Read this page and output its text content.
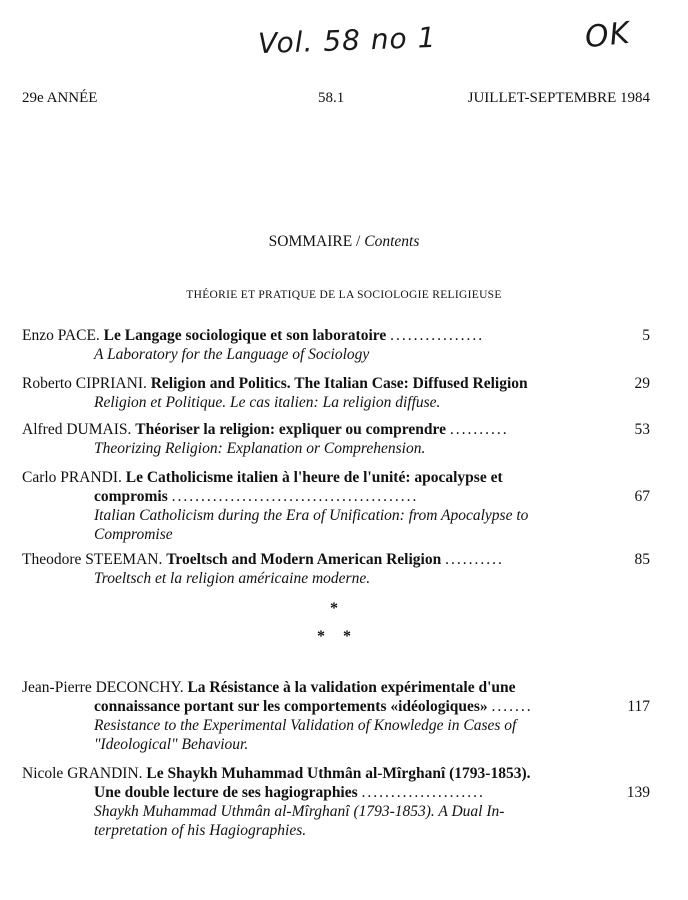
Vol. 58 no 1	OK
29e ANNÉE	58.1	JUILLET-SEPTEMBRE 1984
SOMMAIRE / Contents
THÉORIE ET PRATIQUE DE LA SOCIOLOGIE RELIGIEUSE
Enzo PACE. Le Langage sociologique et son laboratoire ................	5
A Laboratory for the Language of Sociology
Roberto CIPRIANI. Religion and Politics. The Italian Case: Diffused Religion	29
Religion et Politique. Le cas italien: La religion diffuse.
Alfred DUMAIS. Théoriser la religion: expliquer ou comprendre ..........	53
Theorizing Religion: Explanation or Comprehension.
Carlo PRANDI. Le Catholicisme italien à l'heure de l'unité: apocalypse et
compromis ..........................................	67
Italian Catholicism during the Era of Unification: from Apocalypse to
Compromise
Theodore STEEMAN. Troeltsch and Modern American Religion ..........	85
Troeltsch et la religion américaine moderne.
Jean-Pierre DECONCHY. La Résistance à la validation expérimentale d'une
connaissance portant sur les comportements «idéologiques» .......	117
Resistance to the Experimental Validation of Knowledge in Cases of
"Ideological" Behaviour.
Nicole GRANDIN. Le Shaykh Muhammad Uthmân al-Mîrghanî (1793-1853).
Une double lecture de ses hagiographies .....................	139
Shaykh Muhammad Uthmân al-Mîrghanî (1793-1853). A Dual In-
terpretation of his Hagiographies.
*
* *
